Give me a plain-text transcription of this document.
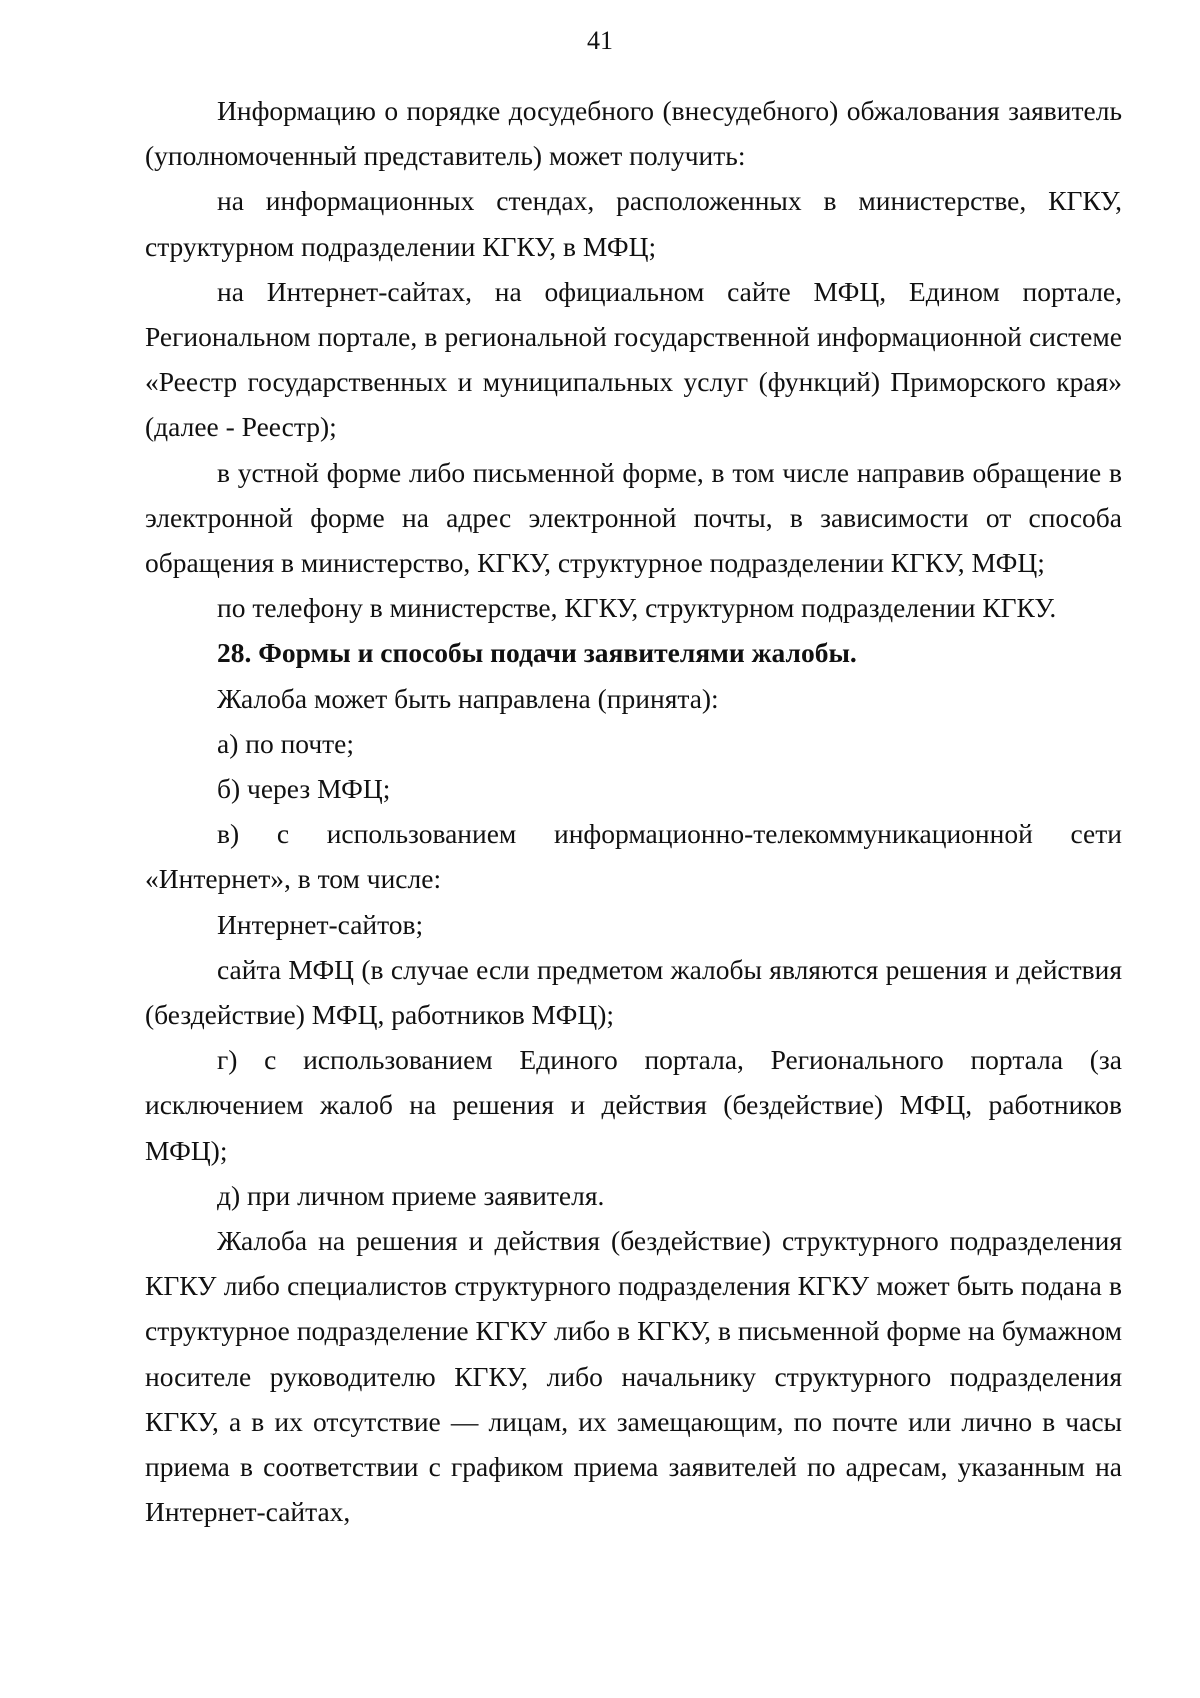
41

Информацию о порядке досудебного (внесудебного) обжалования заявитель (уполномоченный представитель) может получить:

на информационных стендах, расположенных в министерстве, КГКУ, структурном подразделении КГКУ, в МФЦ;

на Интернет-сайтах, на официальном сайте МФЦ, Едином портале, Региональном портале, в региональной государственной информационной системе «Реестр государственных и муниципальных услуг (функций) Приморского края» (далее - Реестр);

в устной форме либо письменной форме, в том числе направив обращение в электронной форме на адрес электронной почты, в зависимости от способа обращения в министерство, КГКУ, структурное подразделении КГКУ, МФЦ;

по телефону в министерстве, КГКУ, структурном подразделении КГКУ.

28. Формы и способы подачи заявителями жалобы.

Жалоба может быть направлена (принята):

а) по почте;

б) через МФЦ;

в) с использованием информационно-телекоммуникационной сети «Интернет», в том числе:

Интернет-сайтов;

сайта МФЦ (в случае если предметом жалобы являются решения и действия (бездействие) МФЦ, работников МФЦ);

г) с использованием Единого портала, Регионального портала (за исключением жалоб на решения и действия (бездействие) МФЦ, работников МФЦ);

д) при личном приеме заявителя.

Жалоба на решения и действия (бездействие) структурного подразделения КГКУ либо специалистов структурного подразделения КГКУ может быть подана в структурное подразделение КГКУ либо в КГКУ, в письменной форме на бумажном носителе руководителю КГКУ, либо начальнику структурного подразделения КГКУ, а в их отсутствие — лицам, их замещающим, по почте или лично в часы приема в соответствии с графиком приема заявителей по адресам, указанным на Интернет-сайтах,
